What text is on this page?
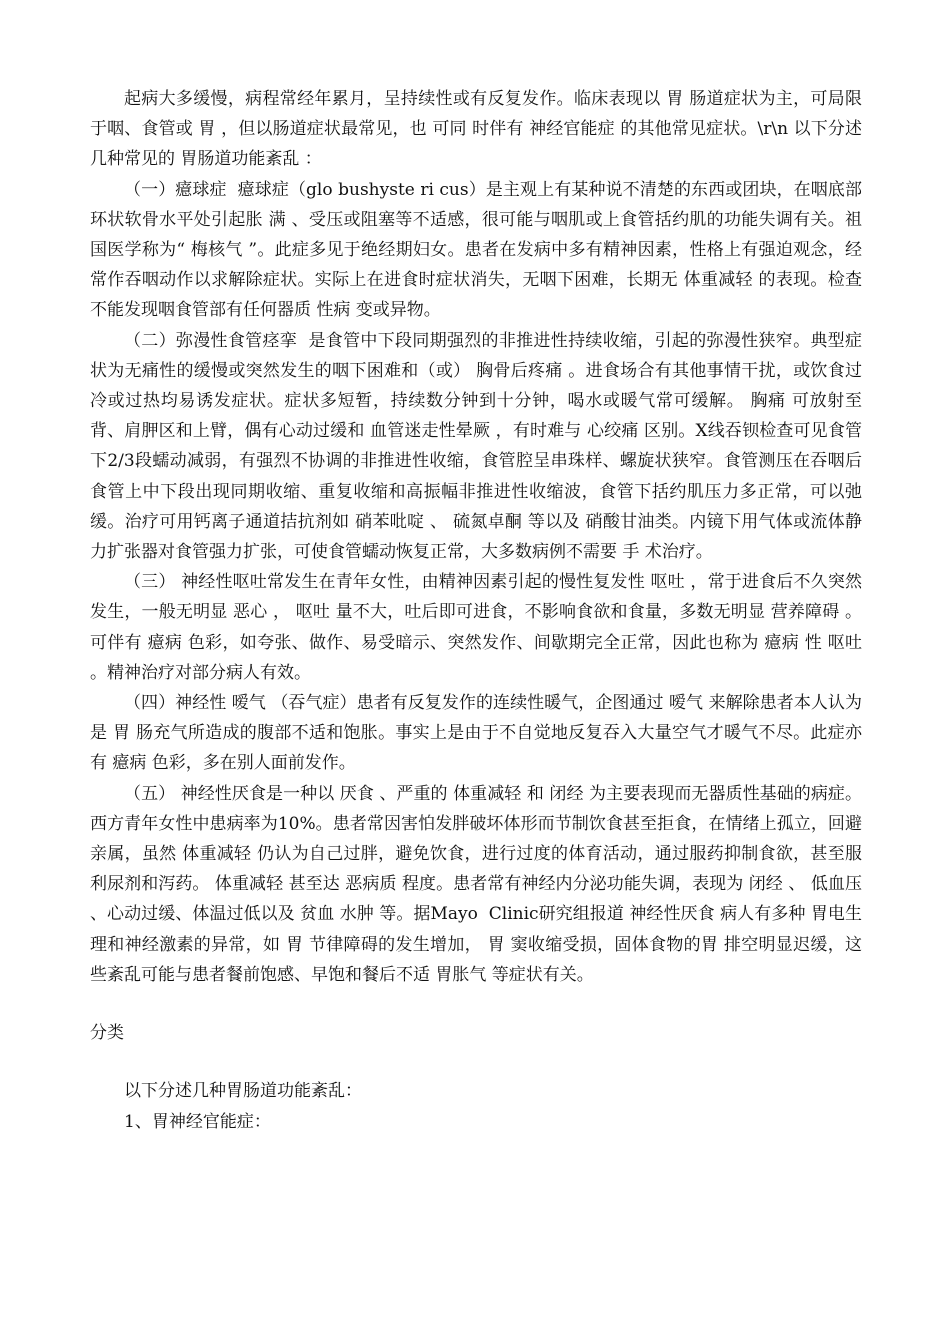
起病大多缓慢，病程常经年累月，呈持续性或有反复发作。临床表现以 胃 肠道症状为主，可局限于咽、食管或 胃 ，但以肠道症状最常见，也 可同 时伴有 神经官能症 的其他常见症状。\r\n 以下分述几种常见的 胃肠道功能紊乱 ：

（一）癔球症  癔球症（glo bushyste ri cus）是主观上有某种说不清楚的东西或团块，在咽底部环状软骨水平处引起胀 满 、受压或阻塞等不适感，很可能与咽肌或上食管括约肌的功能失调有关。祖国医学称为“ 梅核气 ”。此症多见于绝经期妇女。患者在发病中多有精神因素，性格上有强迫观念，经常作吞咽动作以求解除症状。实际上在进食时症状消失，无咽下困难，长期无 体重减轻 的表现。检查不能发现咽食管部有任何器质 性病 变或异物。

（二）弥漫性食管痉挛  是食管中下段同期强烈的非推进性持续收缩，引起的弥漫性狭窄。典型症状为无痛性的缓慢或突然发生的咽下困难和（或） 胸骨后疼痛 。进食场合有其他事情干扰，或饮食过冷或过热均易诱发症状。症状多短暂，持续数分钟到十分钟，喝水或暖气常可缓解。 胸痛 可放射至背、肩胛区和上臂，偶有心动过缓和 血管迷走性晕厥 ，有时难与 心绞痛 区别。X线吞钡检查可见食管下2/3段蠕动减弱，有强烈不协调的非推进性收缩，食管腔呈串珠样、螺旋状狭窄。食管测压在吞咽后食管上中下段出现同期收缩、重复收缩和高振幅非推进性收缩波，食管下括约肌压力多正常，可以弛缓。治疗可用钙离子通道拮抗剂如 硝苯吡啶 、 硫氮卓酮 等以及 硝酸甘油类。内镜下用气体或流体静力扩张器对食管强力扩张，可使食管蠕动恢复正常，大多数病例不需要 手 术治疗。

（三） 神经性呕吐常发生在青年女性，由精神因素引起的慢性复发性 呕吐 ，常于进食后不久突然发生，一般无明显 恶心 ， 呕吐 量不大，吐后即可进食，不影响食欲和食量，多数无明显 营养障碍 。可伴有 癔病 色彩，如夸张、做作、易受暗示、突然发作、间歇期完全正常，因此也称为 癔病 性 呕吐 。精神治疗对部分病人有效。

（四）神经性 嗳气 （吞气症）患者有反复发作的连续性暖气，企图通过 嗳气 来解除患者本人认为是 胃 肠充气所造成的腹部不适和饱胀。事实上是由于不自觉地反复吞入大量空气才暖气不尽。此症亦有 癔病 色彩，多在别人面前发作。

（五） 神经性厌食是一种以 厌食 、严重的 体重减轻 和 闭经 为主要表现而无器质性基础的病症。西方青年女性中患病率为10%。患者常因害怕发胖破坏体形而节制饮食甚至拒食，在情绪上孤立，回避亲属，虽然 体重减轻 仍认为自己过胖，避免饮食，进行过度的体育活动，通过服药抑制食欲，甚至服利尿剂和泻药。 体重减轻 甚至达 恶病质 程度。患者常有神经内分泌功能失调，表现为 闭经 、 低血压 、心动过缓、体温过低以及 贫血 水肿 等。据Mayo  Clinic研究组报道 神经性厌食 病人有多种 胃电生理和神经激素的异常，如 胃 节律障碍的发生增加， 胃 窦收缩受损，固体食物的胃 排空明显迟缓，这些紊乱可能与患者餐前饱感、早饱和餐后不适 胃胀气 等症状有关。

分类

以下分述几种胃肠道功能紊乱：

1、胃神经官能症：
